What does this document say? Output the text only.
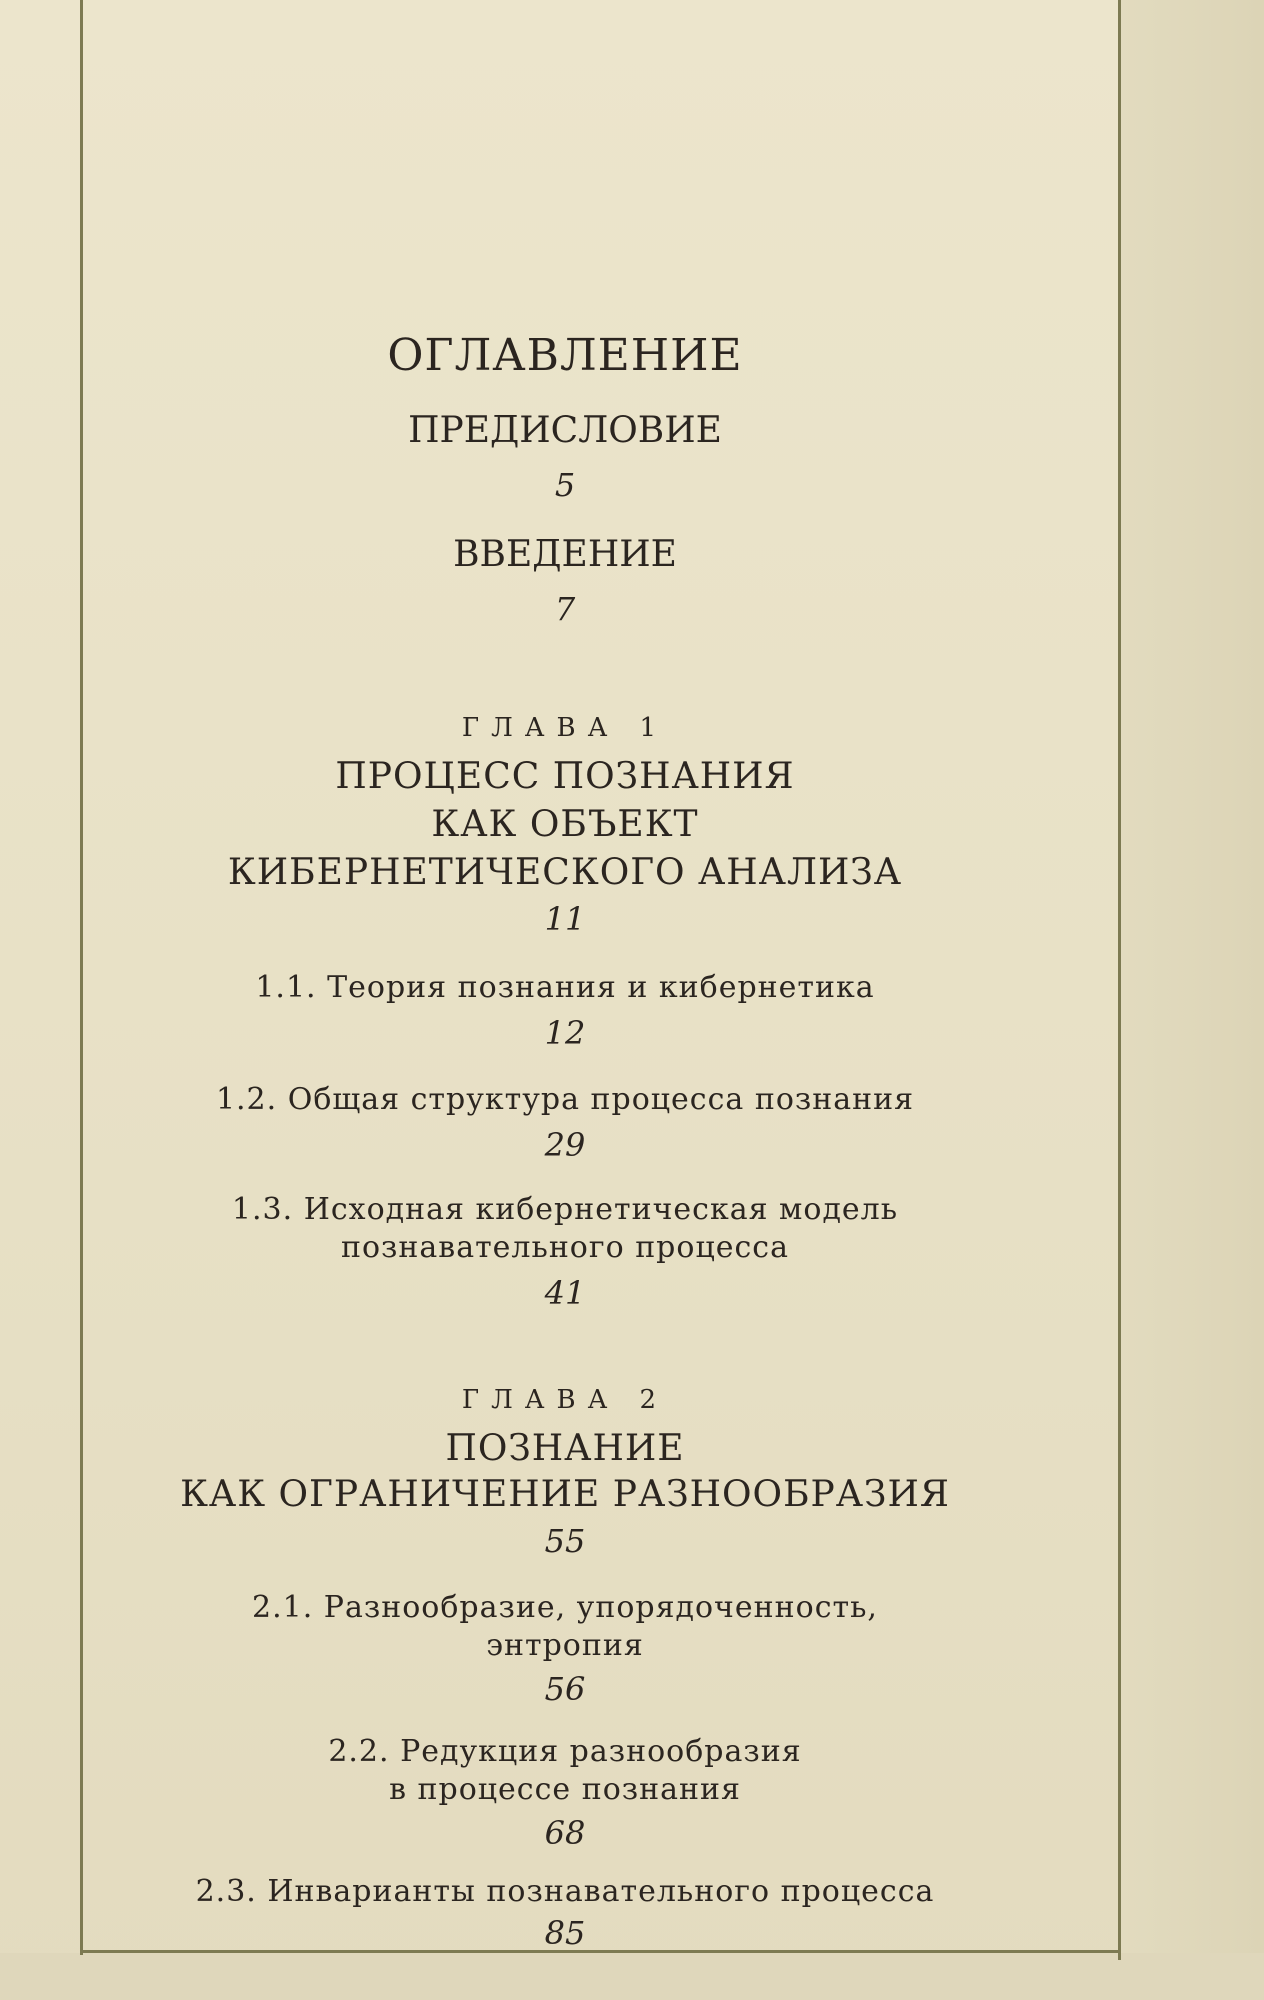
ОГЛАВЛЕНИЕ
ПРЕДИСЛОВИЕ
5
ВВЕДЕНИЕ
7
ГЛАВА 1
ПРОЦЕСС ПОЗНАНИЯ
КАК ОБЪЕКТ
КИБЕРНЕТИЧЕСКОГО АНАЛИЗА
11
1.1. Теория познания и кибернетика
12
1.2. Общая структура процесса познания
29
1.3. Исходная кибернетическая модель
познавательного процесса
41
ГЛАВА 2
ПОЗНАНИЕ
КАК ОГРАНИЧЕНИЕ РАЗНООБРАЗИЯ
55
2.1. Разнообразие, упорядоченность,
энтропия
56
2.2. Редукция разнообразия
в процессе познания
68
2.3. Инварианты познавательного процесса
85
